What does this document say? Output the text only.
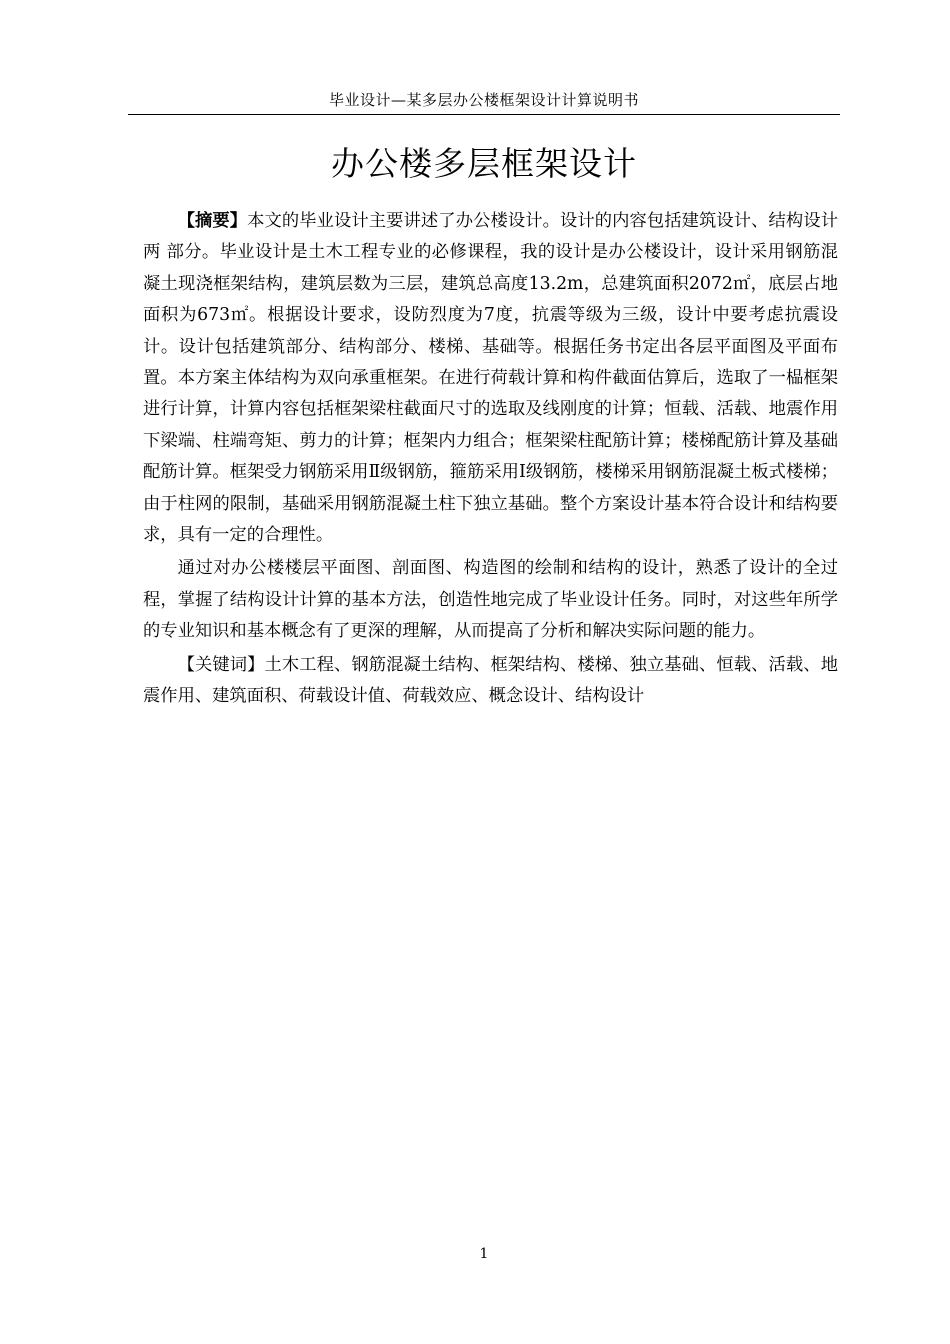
毕业设计—某多层办公楼框架设计计算说明书
办公楼多层框架设计

【摘要】本文的毕业设计主要讲述了办公楼设计。设计的内容包括建筑设计、结构设计两 部分。毕业设计是土木工程专业的必修课程，我的设计是办公楼设计，设计采用钢筋混凝土现浇框架结构，建筑层数为三层，建筑总高度13.2m，总建筑面积2072㎡，底层占地面积为673㎡。根据设计要求，设防烈度为7度，抗震等级为三级，设计中要考虑抗震设计。设计包括建筑部分、结构部分、楼梯、基础等。根据任务书定出各层平面图及平面布置。本方案主体结构为双向承重框架。在进行荷载计算和构件截面估算后，选取了一榀框架进行计算，计算内容包括框架梁柱截面尺寸的选取及线刚度的计算；恒载、活载、地震作用下梁端、柱端弯矩、剪力的计算；框架内力组合；框架梁柱配筋计算；楼梯配筋计算及基础配筋计算。框架受力钢筋采用Ⅱ级钢筋，箍筋采用Ⅰ级钢筋，楼梯采用钢筋混凝土板式楼梯；由于柱网的限制，基础采用钢筋混凝土柱下独立基础。整个方案设计基本符合设计和结构要求，具有一定的合理性。

通过对办公楼楼层平面图、剖面图、构造图的绘制和结构的设计，熟悉了设计的全过程，掌握了结构设计计算的基本方法，创造性地完成了毕业设计任务。同时，对这些年所学的专业知识和基本概念有了更深的理解，从而提高了分析和解决实际问题的能力。

【关键词】土木工程、钢筋混凝土结构、框架结构、楼梯、独立基础、恒载、活载、地震作用、建筑面积、荷载设计值、荷载效应、概念设计、结构设计

1
